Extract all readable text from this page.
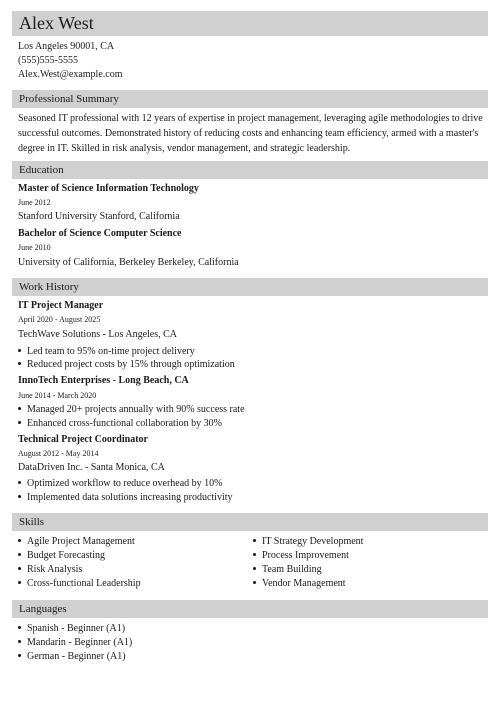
Alex West
Los Angeles 90001, CA
(555)555-5555
Alex.West@example.com
Professional Summary
Seasoned IT professional with 12 years of expertise in project management, leveraging agile methodologies to drive successful outcomes. Demonstrated history of reducing costs and enhancing team efficiency, armed with a master's degree in IT. Skilled in risk analysis, vendor management, and strategic leadership.
Education
Master of Science Information Technology
June 2012
Stanford University Stanford, California
Bachelor of Science Computer Science
June 2010
University of California, Berkeley Berkeley, California
Work History
IT Project Manager
April 2020 - August 2025
TechWave Solutions - Los Angeles, CA
Led team to 95% on-time project delivery
Reduced project costs by 15% through optimization
InnoTech Enterprises - Long Beach, CA
June 2014 - March 2020
Managed 20+ projects annually with 90% success rate
Enhanced cross-functional collaboration by 30%
Technical Project Coordinator
August 2012 - May 2014
DataDriven Inc. - Santa Monica, CA
Optimized workflow to reduce overhead by 10%
Implemented data solutions increasing productivity
Skills
Agile Project Management
Budget Forecasting
Risk Analysis
Cross-functional Leadership
IT Strategy Development
Process Improvement
Team Building
Vendor Management
Languages
Spanish - Beginner (A1)
Mandarin - Beginner (A1)
German - Beginner (A1)
